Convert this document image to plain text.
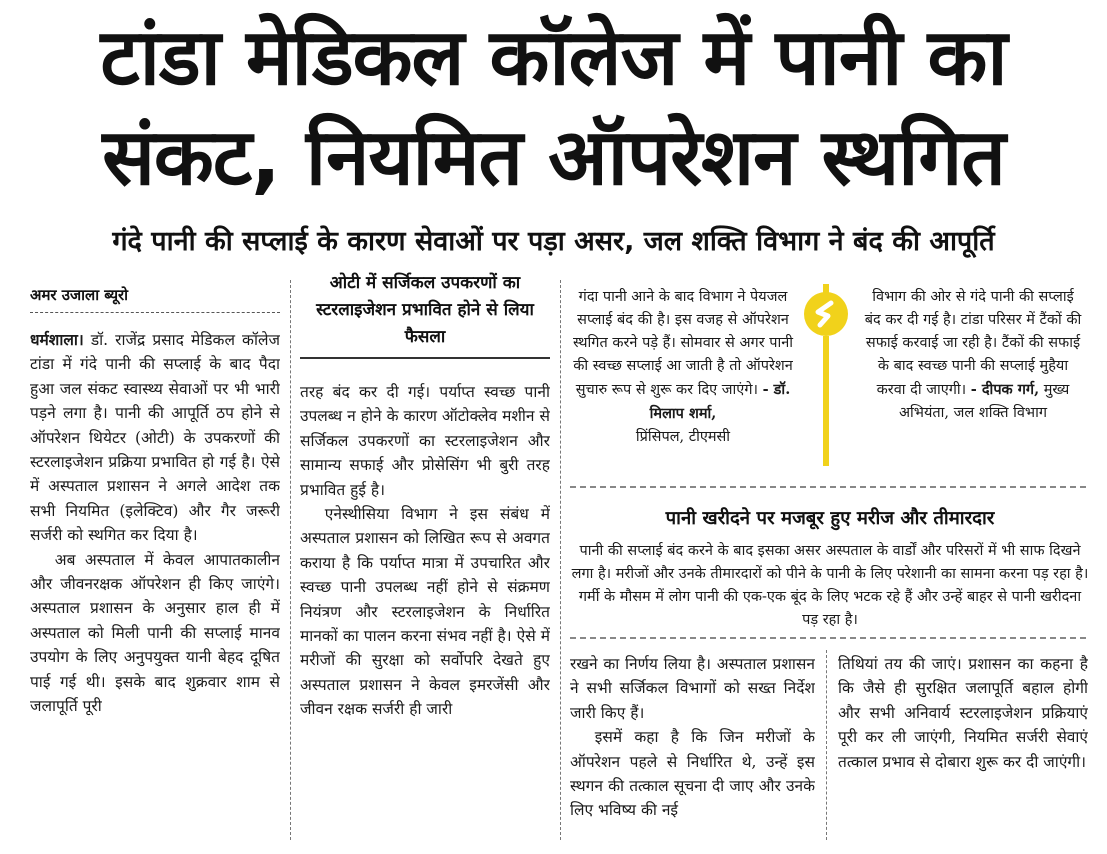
टांडा मेडिकल कॉलेज में पानी का
संकट, नियमित ऑपरेशन स्थगित
गंदे पानी की सप्लाई के कारण सेवाओं पर पड़ा असर, जल शक्ति विभाग ने बंद की आपूर्ति
अमर उजाला ब्यूरो

धर्मशाला। डॉ. राजेंद्र प्रसाद मेडिकल कॉलेज टांडा में गंदे पानी की सप्लाई के बाद पैदा हुआ जल संकट स्वास्थ्य सेवाओं पर भी भारी पड़ने लगा है। पानी की आपूर्ति ठप होने से ऑपरेशन थियेटर (ओटी) के उपकरणों की स्टरलाइजेशन प्रक्रिया प्रभावित हो गई है। ऐसे में अस्पताल प्रशासन ने अगले आदेश तक सभी नियमित (इलेक्टिव) और गैर जरूरी सर्जरी को स्थगित कर दिया है।

अब अस्पताल में केवल आपातकालीन और जीवनरक्षक ऑपरेशन ही किए जाएंगे। अस्पताल प्रशासन के अनुसार हाल ही में अस्पताल को मिली पानी की सप्लाई मानव उपयोग के लिए अनुपयुक्त यानी बेहद दूषित पाई गई थी। इसके बाद शुक्रवार शाम से जलापूर्ति पूरी

ओटी में सर्जिकल उपकरणों का स्टरलाइजेशन प्रभावित होने से लिया फैसला

तरह बंद कर दी गई। पर्याप्त स्वच्छ पानी उपलब्ध न होने के कारण ऑटोक्लेव मशीन से सर्जिकल उपकरणों का स्टरलाइजेशन और सामान्य सफाई और प्रोसेसिंग भी बुरी तरह प्रभावित हुई है।

एनेस्थीसिया विभाग ने इस संबंध में अस्पताल प्रशासन को लिखित रूप से अवगत कराया है कि पर्याप्त मात्रा में उपचारित और स्वच्छ पानी उपलब्ध नहीं होने से संक्रमण नियंत्रण और स्टरलाइजेशन के निर्धारित मानकों का पालन करना संभव नहीं है। ऐसे में मरीजों की सुरक्षा को सर्वोपरि देखते हुए अस्पताल प्रशासन ने केवल इमरजेंसी और जीवन रक्षक सर्जरी ही जारी

गंदा पानी आने के बाद विभाग ने पेयजल सप्लाई बंद की है। इस वजह से ऑपरेशन स्थगित करने पड़े हैं। सोमवार से अगर पानी की स्वच्छ सप्लाई आ जाती है तो ऑपरेशन सुचारु रूप से शुरू कर दिए जाएंगे। - डॉ. मिलाप शर्मा,
प्रिंसिपल, टीएमसी
विभाग की ओर से गंदे पानी की सप्लाई बंद कर दी गई है। टांडा परिसर में टैंकों की सफाई करवाई जा रही है। टैंकों की सफाई के बाद स्वच्छ पानी की सप्लाई मुहैया करवा दी जाएगी। - दीपक गर्ग, मुख्य अभियंता, जल शक्ति विभाग
पानी खरीदने पर मजबूर हुए मरीज और तीमारदार
पानी की सप्लाई बंद करने के बाद इसका असर अस्पताल के वार्डों और परिसरों में भी साफ दिखने लगा है। मरीजों और उनके तीमारदारों को पीने के पानी के लिए परेशानी का सामना करना पड़ रहा है। गर्मी के मौसम में लोग पानी की एक-एक बूंद के लिए भटक रहे हैं और उन्हें बाहर से पानी खरीदना पड़ रहा है।

रखने का निर्णय लिया है। अस्पताल प्रशासन ने सभी सर्जिकल विभागों को सख्त निर्देश जारी किए हैं।

इसमें कहा है कि जिन मरीजों के ऑपरेशन पहले से निर्धारित थे, उन्हें इस स्थगन की तत्काल सूचना दी जाए और उनके लिए भविष्य की नई

तिथियां तय की जाएं। प्रशासन का कहना है कि जैसे ही सुरक्षित जलापूर्ति बहाल होगी और सभी अनिवार्य स्टरलाइजेशन प्रक्रियाएं पूरी कर ली जाएंगी, नियमित सर्जरी सेवाएं तत्काल प्रभाव से दोबारा शुरू कर दी जाएंगी।
